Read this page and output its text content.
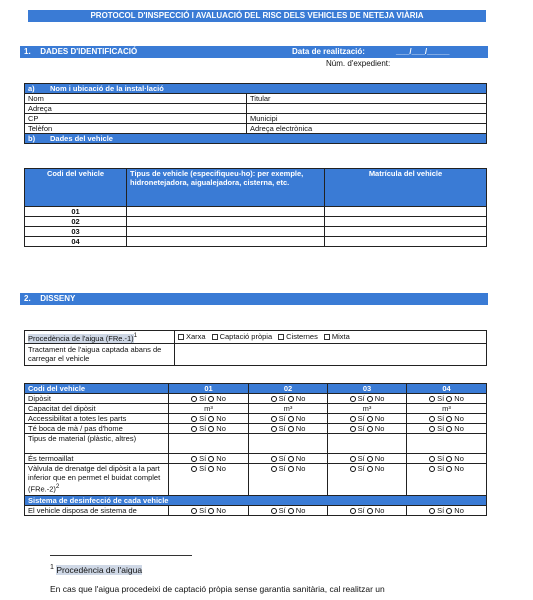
PROTOCOL D'INSPECCIÓ I AVALUACIÓ DEL RISC DELS VEHICLES DE NETEJA VIÀRIA
1. DADES D'IDENTIFICACIÓ	Data de realització:	___/___/_____
Núm. d'expedient:
a) Nom i ubicació de la instal·lació	
Nom	Titular
Adreça	
CP	Municipi
Telèfon	Adreça electrònica
b) Dades del vehicle	
Codi del vehicle	Tipus de vehicle (especifiqueu-ho): per exemple, hidronetejadora, aigualejadora, cisterna, etc.	Matrícula del vehicle
01		
02		
03		
04		
2. DISSENY
Procedència de l'aigua $(FRe.-1)^1$	Xarxa Captació pròpia Cisternes Mixta
Tractament de l'aigua captada abans de carregar el vehicle	
Codi del vehicle	01	02	03	04
Dipòsit	Sí No	Sí No	Sí No	Sí No
Capacitat del dipòsit	m³	m³	m³	m³
Accessibilitat a totes les parts	Sí No	Sí No	Sí No	Sí No
Té boca de mà / pas d'home	Sí No	Sí No	Sí No	Sí No
Tipus de material (plàstic, altres)				
És termoaillat	Sí No	Sí No	Sí No	Sí No
Vàlvula de drenatge del dipòsit a la part inferior que en permet el buidat complet $(FRe.-2)^2$	Sí No	Sí No	Sí No	Sí No
Sistema de desinfecció de cada vehicle				
El vehicle disposa de sistema de	Sí No	Sí No	Sí No	Sí No
$^1$ Procedència de l'aigua
En cas que l'aigua procedeixi de captació pròpia sense garantia sanitària, cal realitzar un
